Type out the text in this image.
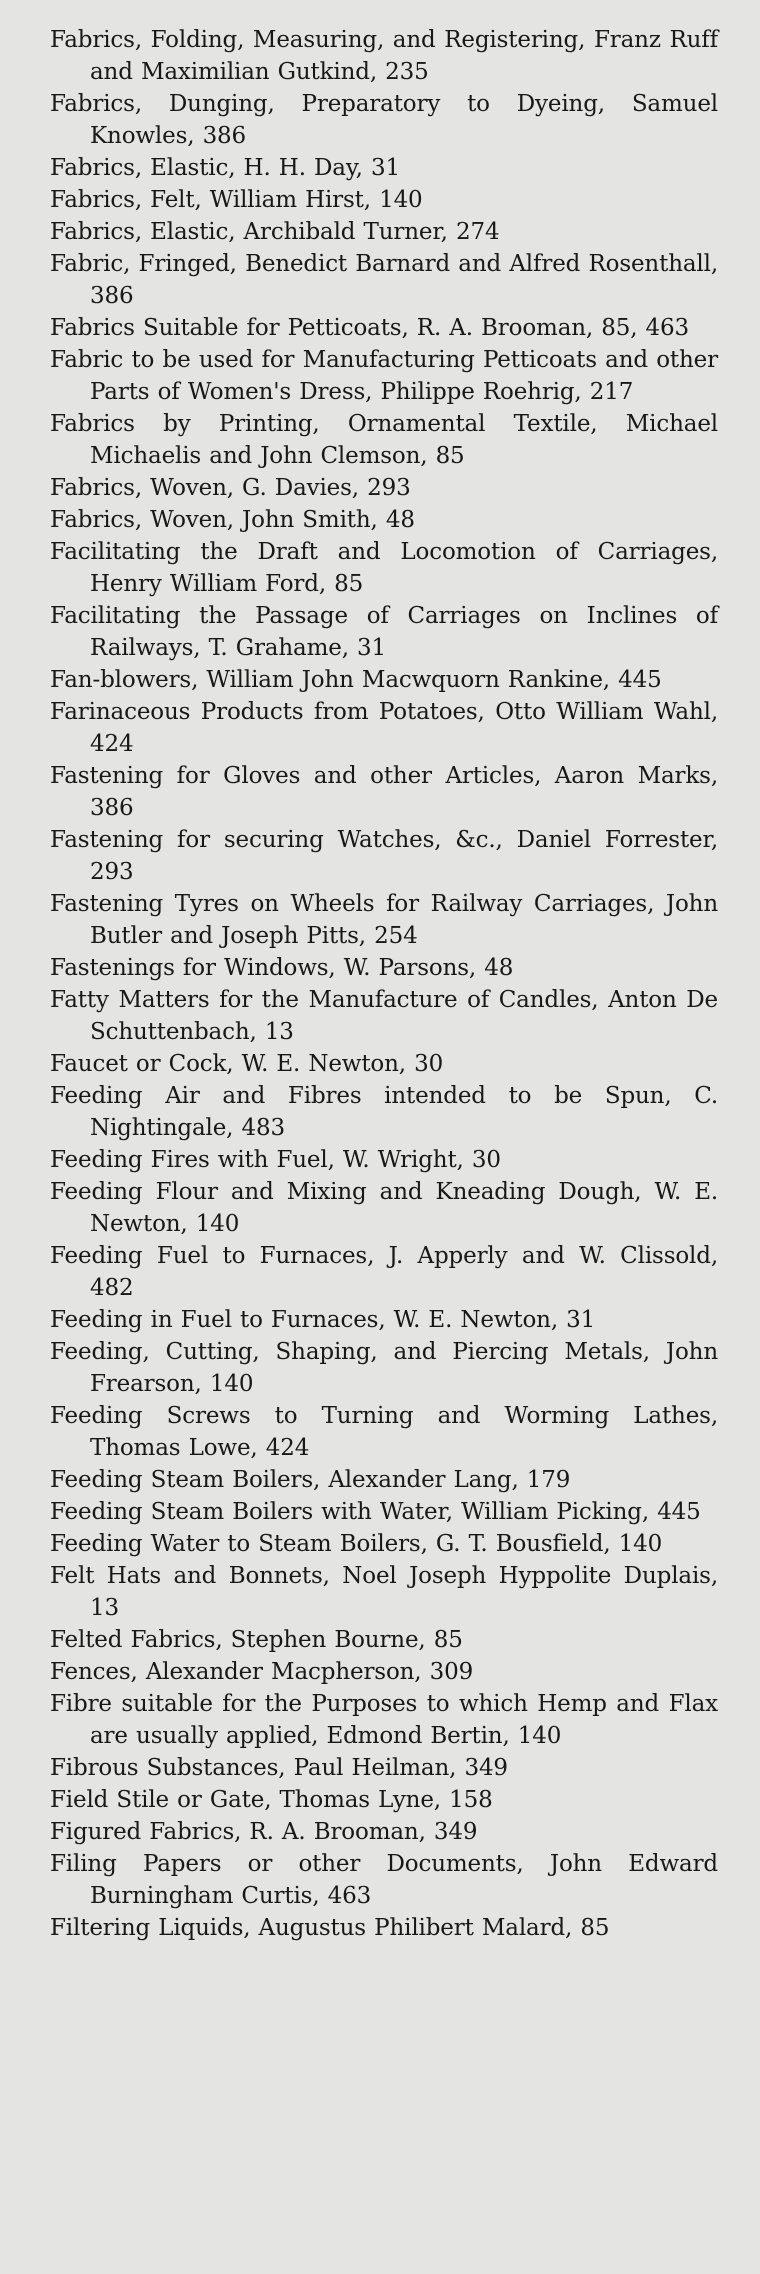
Fabrics, Folding, Measuring, and Registering, Franz Ruff and Maximilian Gutkind, 235
Fabrics, Dunging, Preparatory to Dyeing, Samuel Knowles, 386
Fabrics, Elastic, H. H. Day, 31
Fabrics, Felt, William Hirst, 140
Fabrics, Elastic, Archibald Turner, 274
Fabric, Fringed, Benedict Barnard and Alfred Rosenthall, 386
Fabrics Suitable for Petticoats, R. A. Brooman, 85, 463
Fabric to be used for Manufacturing Petticoats and other Parts of Women's Dress, Philippe Roehrig, 217
Fabrics by Printing, Ornamental Textile, Michael Michaelis and John Clemson, 85
Fabrics, Woven, G. Davies, 293
Fabrics, Woven, John Smith, 48
Facilitating the Draft and Locomotion of Carriages, Henry William Ford, 85
Facilitating the Passage of Carriages on Inclines of Railways, T. Grahame, 31
Fan-blowers, William John Macwquorn Rankine, 445
Farinaceous Products from Potatoes, Otto William Wahl, 424
Fastening for Gloves and other Articles, Aaron Marks, 386
Fastening for securing Watches, &c., Daniel Forrester, 293
Fastening Tyres on Wheels for Railway Carriages, John Butler and Joseph Pitts, 254
Fastenings for Windows, W. Parsons, 48
Fatty Matters for the Manufacture of Candles, Anton De Schuttenbach, 13
Faucet or Cock, W. E. Newton, 30
Feeding Air and Fibres intended to be Spun, C. Nightingale, 483
Feeding Fires with Fuel, W. Wright, 30
Feeding Flour and Mixing and Kneading Dough, W. E. Newton, 140
Feeding Fuel to Furnaces, J. Apperly and W. Clissold, 482
Feeding in Fuel to Furnaces, W. E. Newton, 31
Feeding, Cutting, Shaping, and Piercing Metals, John Frearson, 140
Feeding Screws to Turning and Worming Lathes, Thomas Lowe, 424
Feeding Steam Boilers, Alexander Lang, 179
Feeding Steam Boilers with Water, William Picking, 445
Feeding Water to Steam Boilers, G. T. Bousfield, 140
Felt Hats and Bonnets, Noel Joseph Hyppolite Duplais, 13
Felted Fabrics, Stephen Bourne, 85
Fences, Alexander Macpherson, 309
Fibre suitable for the Purposes to which Hemp and Flax are usually applied, Edmond Bertin, 140
Fibrous Substances, Paul Heilman, 349
Field Stile or Gate, Thomas Lyne, 158
Figured Fabrics, R. A. Brooman, 349
Filing Papers or other Documents, John Edward Burningham Curtis, 463
Filtering Liquids, Augustus Philibert Malard, 85
